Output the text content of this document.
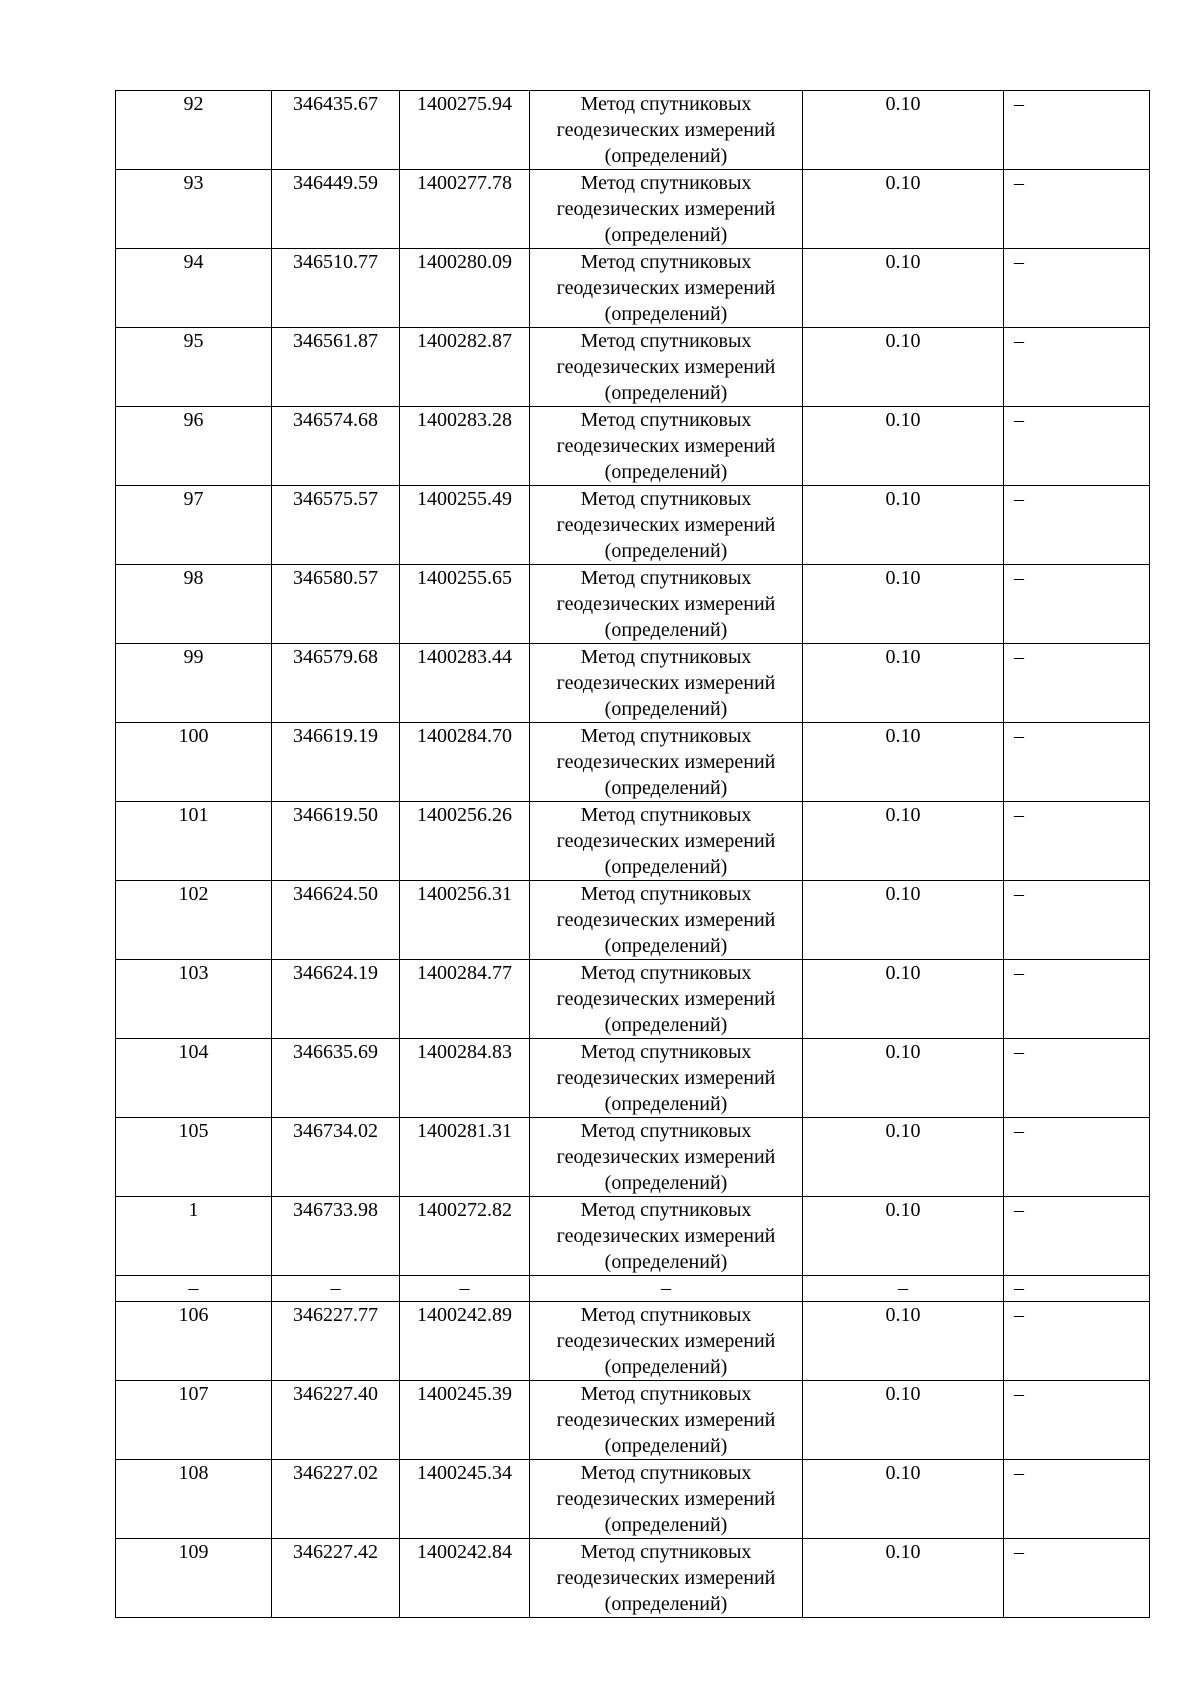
92	346435.67	1400275.94	Метод спутниковых
геодезических измерений
(определений)	0.10	–
93	346449.59	1400277.78	Метод спутниковых
геодезических измерений
(определений)	0.10	–
94	346510.77	1400280.09	Метод спутниковых
геодезических измерений
(определений)	0.10	–
95	346561.87	1400282.87	Метод спутниковых
геодезических измерений
(определений)	0.10	–
96	346574.68	1400283.28	Метод спутниковых
геодезических измерений
(определений)	0.10	–
97	346575.57	1400255.49	Метод спутниковых
геодезических измерений
(определений)	0.10	–
98	346580.57	1400255.65	Метод спутниковых
геодезических измерений
(определений)	0.10	–
99	346579.68	1400283.44	Метод спутниковых
геодезических измерений
(определений)	0.10	–
100	346619.19	1400284.70	Метод спутниковых
геодезических измерений
(определений)	0.10	–
101	346619.50	1400256.26	Метод спутниковых
геодезических измерений
(определений)	0.10	–
102	346624.50	1400256.31	Метод спутниковых
геодезических измерений
(определений)	0.10	–
103	346624.19	1400284.77	Метод спутниковых
геодезических измерений
(определений)	0.10	–
104	346635.69	1400284.83	Метод спутниковых
геодезических измерений
(определений)	0.10	–
105	346734.02	1400281.31	Метод спутниковых
геодезических измерений
(определений)	0.10	–
1	346733.98	1400272.82	Метод спутниковых
геодезических измерений
(определений)	0.10	–
–	–	–	–	–	–
106	346227.77	1400242.89	Метод спутниковых
геодезических измерений
(определений)	0.10	–
107	346227.40	1400245.39	Метод спутниковых
геодезических измерений
(определений)	0.10	–
108	346227.02	1400245.34	Метод спутниковых
геодезических измерений
(определений)	0.10	–
109	346227.42	1400242.84	Метод спутниковых
геодезических измерений
(определений)	0.10	–
